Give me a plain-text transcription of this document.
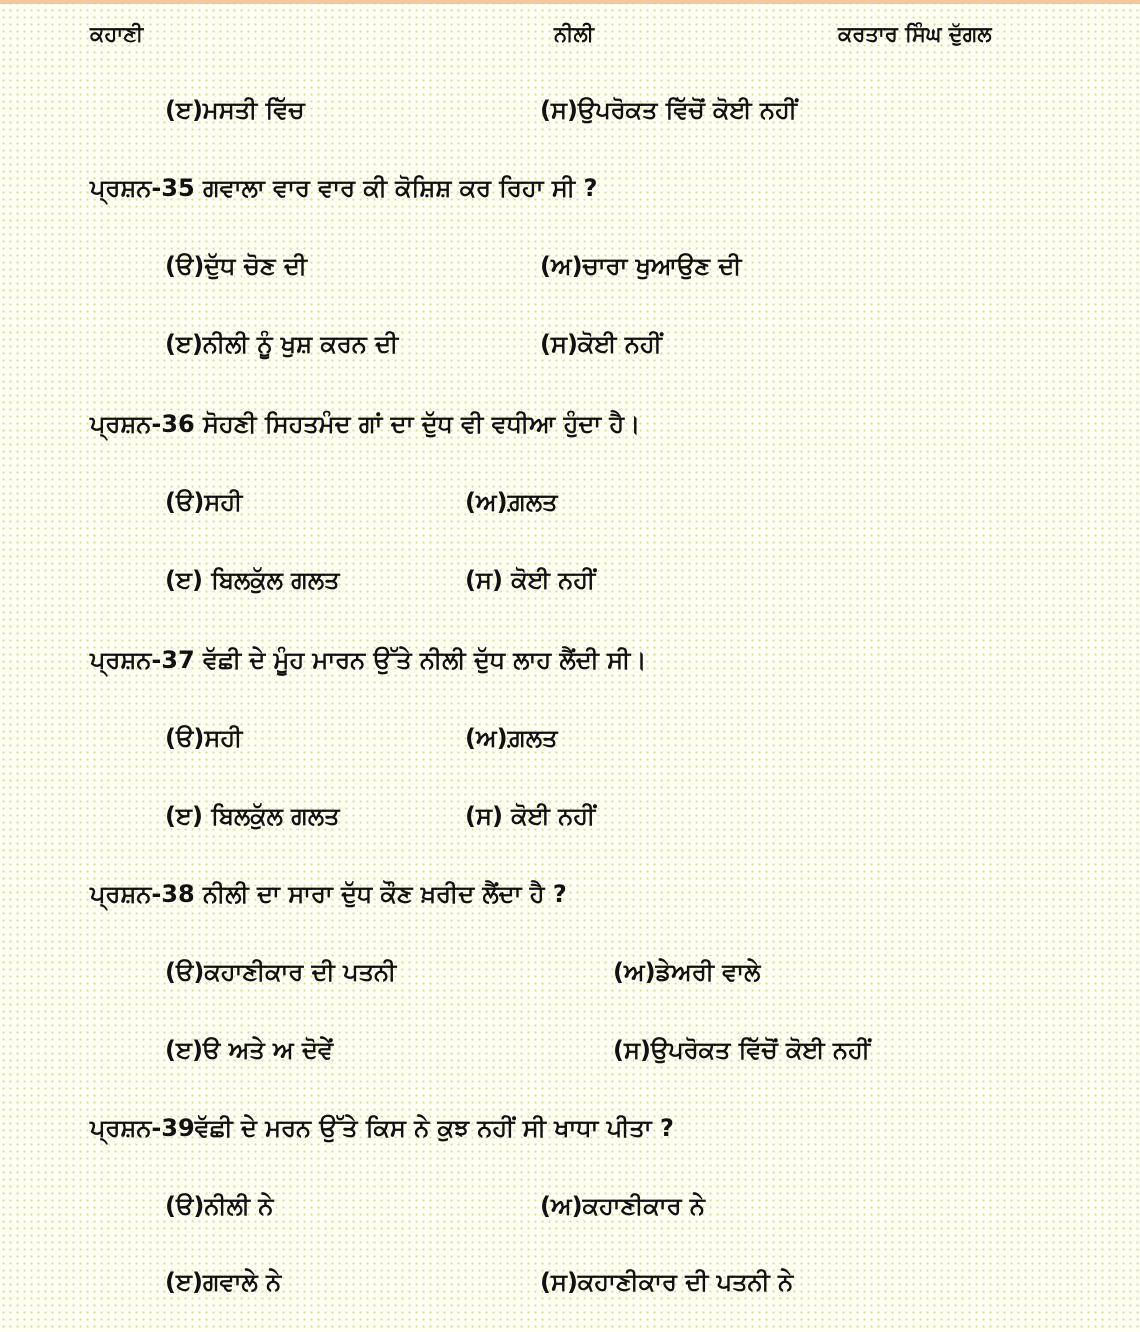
ਕਹਾਣੀ	ਨੀਲੀ	ਕਰਤਾਰ ਸਿੰਘ ਦੁੱਗਲ
(ੲ)ਮਸਤੀ ਵਿੱਚ	(ਸ)ਉਪਰੋਕਤ ਵਿੱਚੋਂ ਕੋਈ ਨਹੀਂ
ਪ੍ਰਸ਼ਨ-35 ਗਵਾਲਾ ਵਾਰ ਵਾਰ ਕੀ ਕੋਸ਼ਿਸ਼ ਕਰ ਰਿਹਾ ਸੀ ?
(ੳ)ਦੁੱਧ ਚੋਣ ਦੀ	(ਅ)ਚਾਰਾ ਖੁਆਉਣ ਦੀ
(ੲ)ਨੀਲੀ ਨੂੰ ਖੁਸ਼ ਕਰਨ ਦੀ	(ਸ)ਕੋਈ ਨਹੀਂ
ਪ੍ਰਸ਼ਨ-36 ਸੋਹਣੀ ਸਿਹਤਮੰਦ ਗਾਂ ਦਾ ਦੁੱਧ ਵੀ ਵਧੀਆ ਹੁੰਦਾ ਹੈ।
(ੳ)ਸਹੀ	(ਅ)ਗ਼ਲਤ
(ੲ) ਬਿਲਕੁੱਲ ਗਲਤ	(ਸ) ਕੋਈ ਨਹੀਂ
ਪ੍ਰਸ਼ਨ-37 ਵੱਛੀ ਦੇ ਮੂੰਹ ਮਾਰਨ ਉੱਤੇ ਨੀਲੀ ਦੁੱਧ ਲਾਹ ਲੈਂਦੀ ਸੀ।
(ੳ)ਸਹੀ	(ਅ)ਗ਼ਲਤ
(ੲ) ਬਿਲਕੁੱਲ ਗਲਤ	(ਸ) ਕੋਈ ਨਹੀਂ
ਪ੍ਰਸ਼ਨ-38 ਨੀਲੀ ਦਾ ਸਾਰਾ ਦੁੱਧ ਕੌਣ ਖ਼ਰੀਦ ਲੈਂਦਾ ਹੈ ?
(ੳ)ਕਹਾਣੀਕਾਰ ਦੀ ਪਤਨੀ	(ਅ)ਡੇਅਰੀ ਵਾਲੇ
(ੲ)ੳ ਅਤੇ ਅ ਦੋਵੇਂ	(ਸ)ਉਪਰੋਕਤ ਵਿੱਚੋਂ ਕੋਈ ਨਹੀਂ
ਪ੍ਰਸ਼ਨ-39ਵੱਛੀ ਦੇ ਮਰਨ ਉੱਤੇ ਕਿਸ ਨੇ ਕੁਝ ਨਹੀਂ ਸੀ ਖਾਧਾ ਪੀਤਾ ?
(ੳ)ਨੀਲੀ ਨੇ	(ਅ)ਕਹਾਣੀਕਾਰ ਨੇ
(ੲ)ਗਵਾਲੇ ਨੇ	(ਸ)ਕਹਾਣੀਕਾਰ ਦੀ ਪਤਨੀ ਨੇ
